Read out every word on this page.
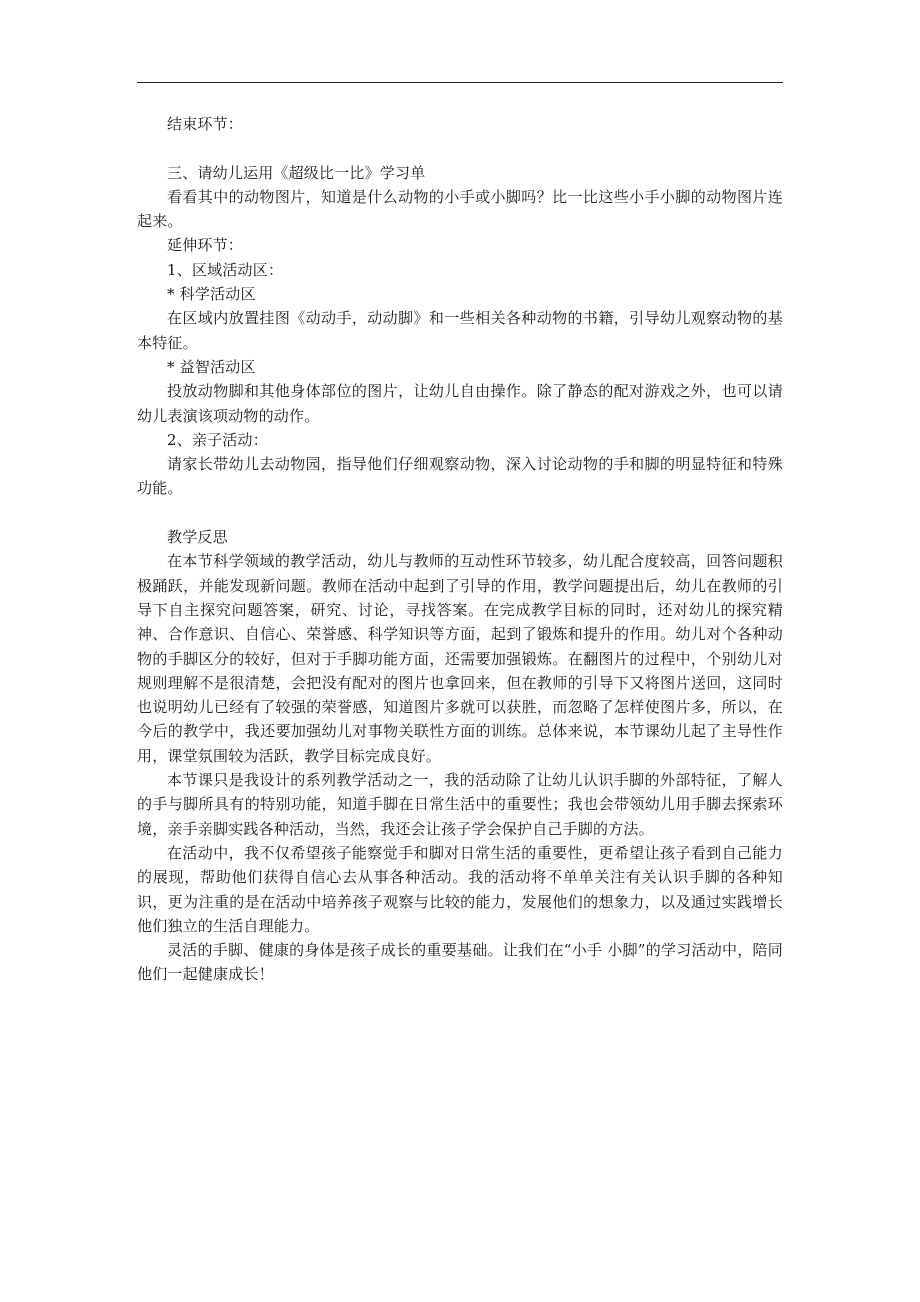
结束环节：

三、请幼儿运用《超级比一比》学习单

看看其中的动物图片，知道是什么动物的小手或小脚吗？比一比这些小手小脚的动物图片连起来。

延伸环节：

1、区域活动区：

* 科学活动区

在区域内放置挂图《动动手，动动脚》和一些相关各种动物的书籍，引导幼儿观察动物的基本特征。

* 益智活动区

投放动物脚和其他身体部位的图片，让幼儿自由操作。除了静态的配对游戏之外，也可以请幼儿表演该项动物的动作。

2、亲子活动：

请家长带幼儿去动物园，指导他们仔细观察动物，深入讨论动物的手和脚的明显特征和特殊功能。

教学反思

在本节科学领域的教学活动，幼儿与教师的互动性环节较多，幼儿配合度较高，回答问题积极踊跃，并能发现新问题。教师在活动中起到了引导的作用，教学问题提出后，幼儿在教师的引导下自主探究问题答案，研究、讨论，寻找答案。在完成教学目标的同时，还对幼儿的探究精神、合作意识、自信心、荣誉感、科学知识等方面，起到了锻炼和提升的作用。幼儿对个各种动物的手脚区分的较好，但对于手脚功能方面，还需要加强锻炼。在翻图片的过程中，个别幼儿对规则理解不是很清楚，会把没有配对的图片也拿回来，但在教师的引导下又将图片送回，这同时也说明幼儿已经有了较强的荣誉感，知道图片多就可以获胜，而忽略了怎样使图片多，所以，在今后的教学中，我还要加强幼儿对事物关联性方面的训练。总体来说，本节课幼儿起了主导性作用，课堂氛围较为活跃，教学目标完成良好。

本节课只是我设计的系列教学活动之一，我的活动除了让幼儿认识手脚的外部特征，了解人的手与脚所具有的特别功能，知道手脚在日常生活中的重要性；我也会带领幼儿用手脚去探索环境，亲手亲脚实践各种活动，当然，我还会让孩子学会保护自己手脚的方法。

在活动中，我不仅希望孩子能察觉手和脚对日常生活的重要性，更希望让孩子看到自己能力的展现，帮助他们获得自信心去从事各种活动。我的活动将不单单关注有关认识手脚的各种知识，更为注重的是在活动中培养孩子观察与比较的能力，发展他们的想象力，以及通过实践增长他们独立的生活自理能力。

灵活的手脚、健康的身体是孩子成长的重要基础。让我们在“小手 小脚”的学习活动中，陪同他们一起健康成长！
